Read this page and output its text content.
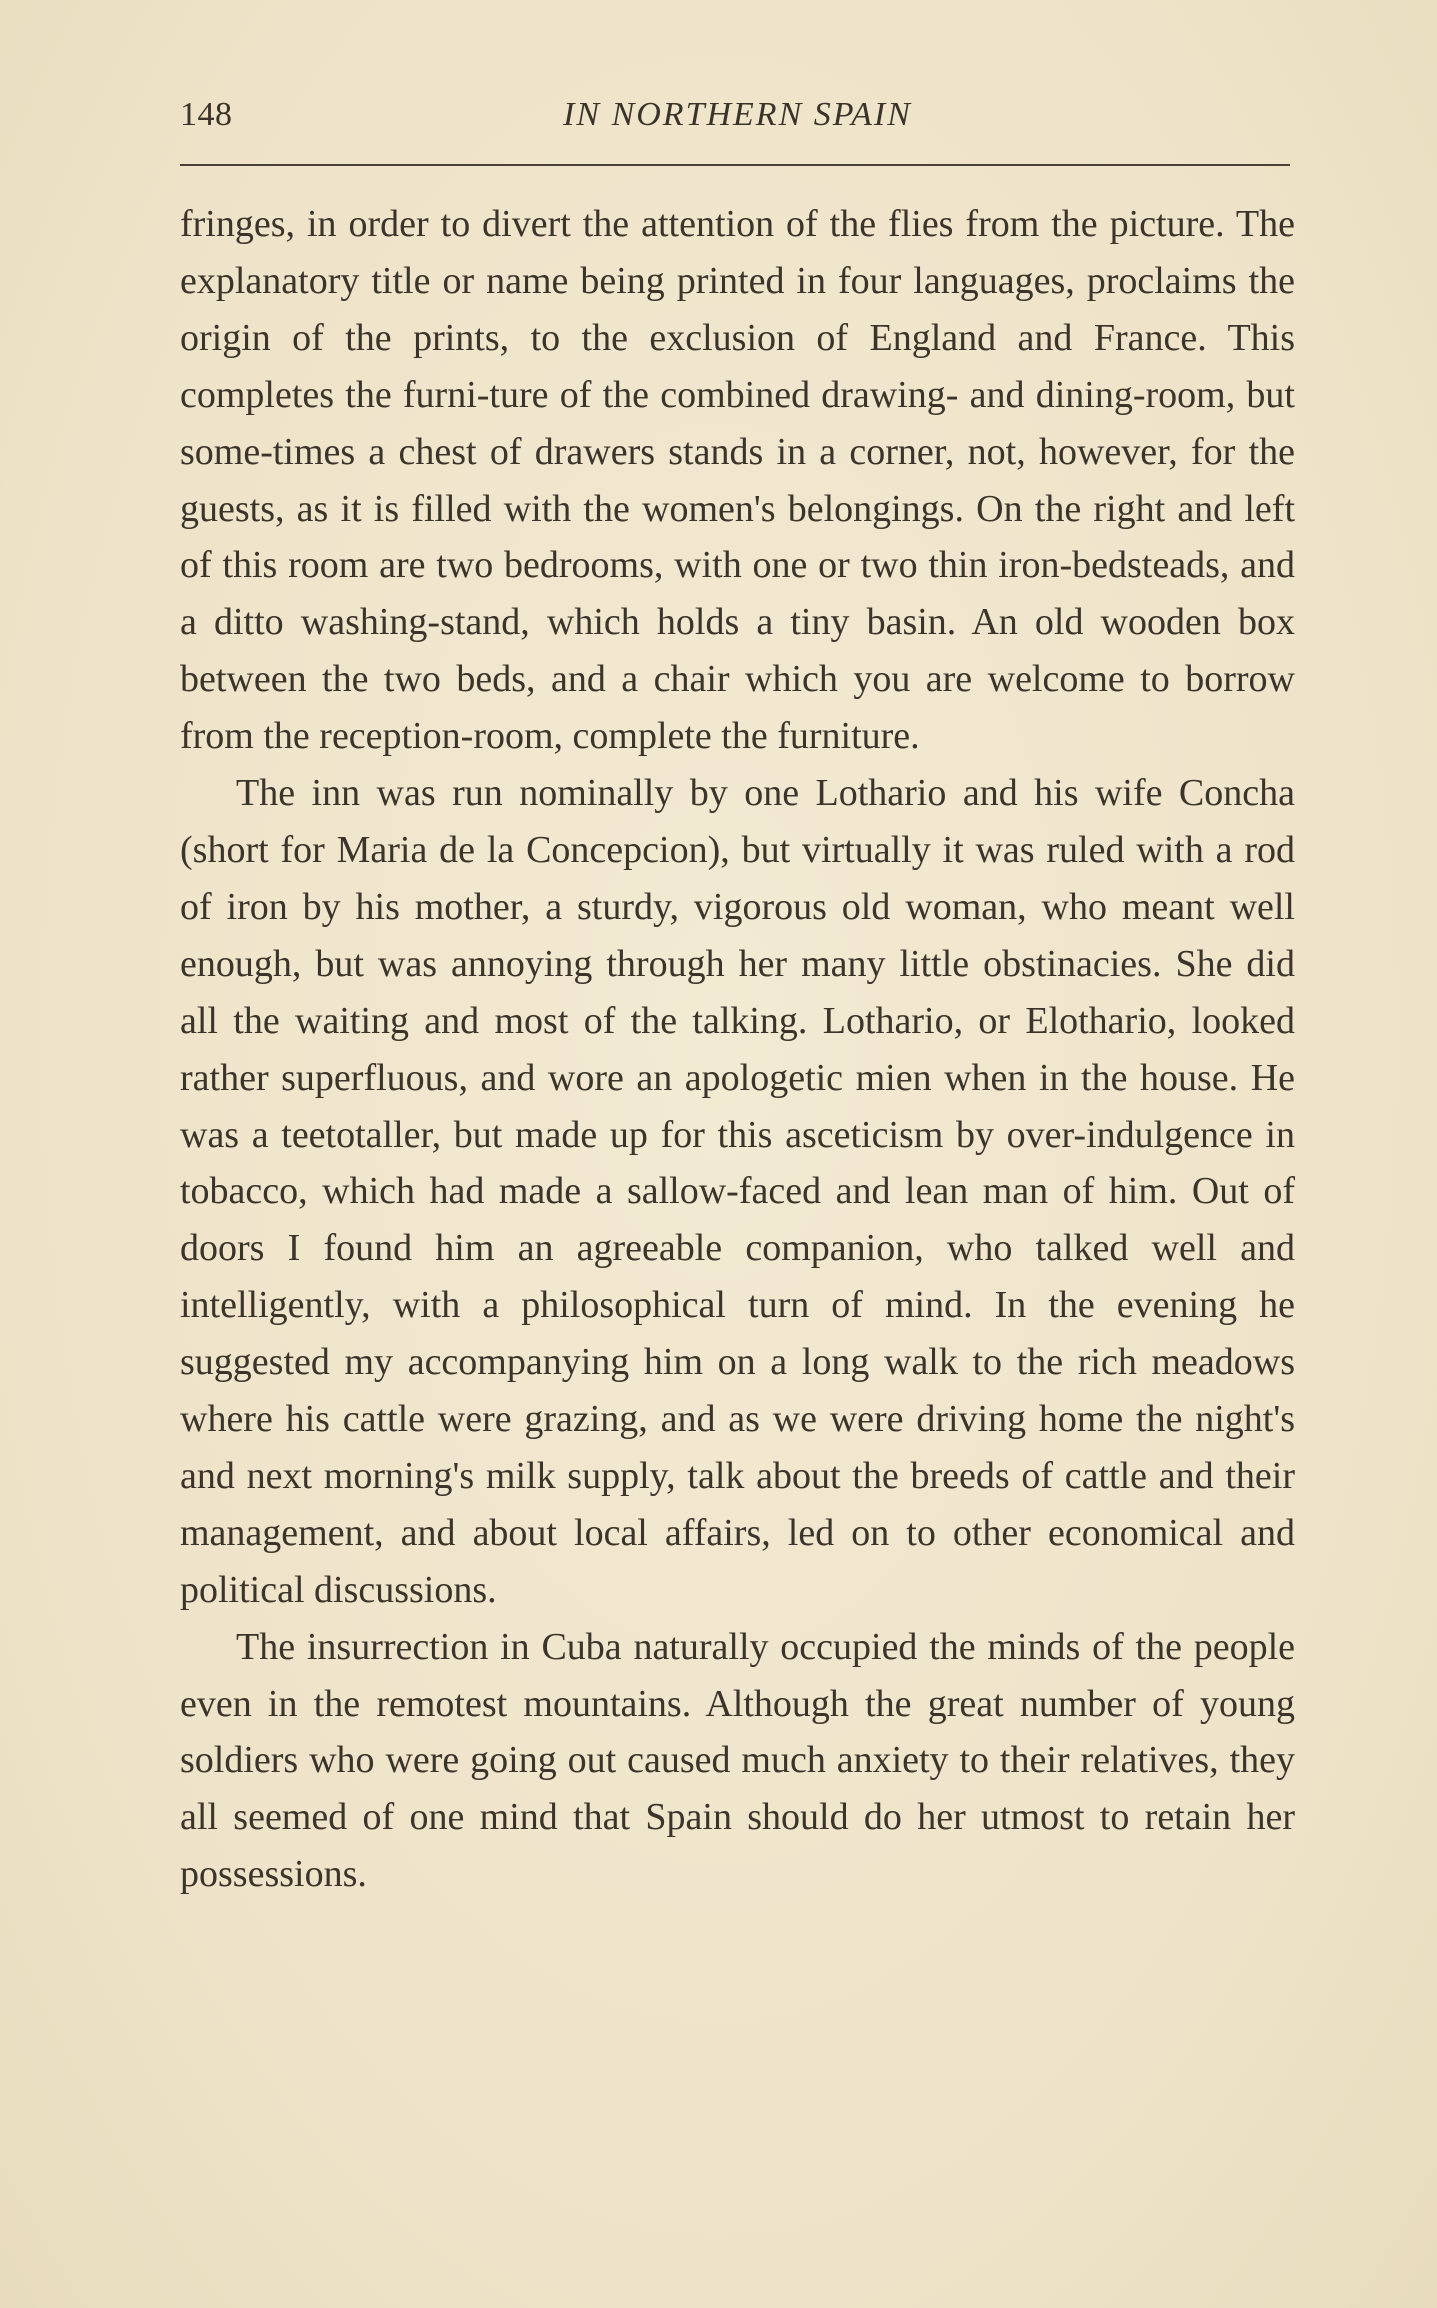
148	IN NORTHERN SPAIN

fringes, in order to divert the attention of the flies from the picture. The explanatory title or name being printed in four languages, proclaims the origin of the prints, to the exclusion of England and France. This completes the furni-ture of the combined drawing- and dining-room, but some-times a chest of drawers stands in a corner, not, however, for the guests, as it is filled with the women's belongings. On the right and left of this room are two bedrooms, with one or two thin iron-bedsteads, and a ditto washing-stand, which holds a tiny basin. An old wooden box between the two beds, and a chair which you are welcome to borrow from the reception-room, complete the furniture.

The inn was run nominally by one Lothario and his wife Concha (short for Maria de la Concepcion), but virtually it was ruled with a rod of iron by his mother, a sturdy, vigorous old woman, who meant well enough, but was annoying through her many little obstinacies. She did all the waiting and most of the talking. Lothario, or Elothario, looked rather superfluous, and wore an apologetic mien when in the house. He was a teetotaller, but made up for this asceticism by over-indulgence in tobacco, which had made a sallow-faced and lean man of him. Out of doors I found him an agreeable companion, who talked well and intelligently, with a philosophical turn of mind. In the evening he suggested my accompanying him on a long walk to the rich meadows where his cattle were grazing, and as we were driving home the night's and next morning's milk supply, talk about the breeds of cattle and their management, and about local affairs, led on to other economical and political discussions.

The insurrection in Cuba naturally occupied the minds of the people even in the remotest mountains. Although the great number of young soldiers who were going out caused much anxiety to their relatives, they all seemed of one mind that Spain should do her utmost to retain her possessions.
